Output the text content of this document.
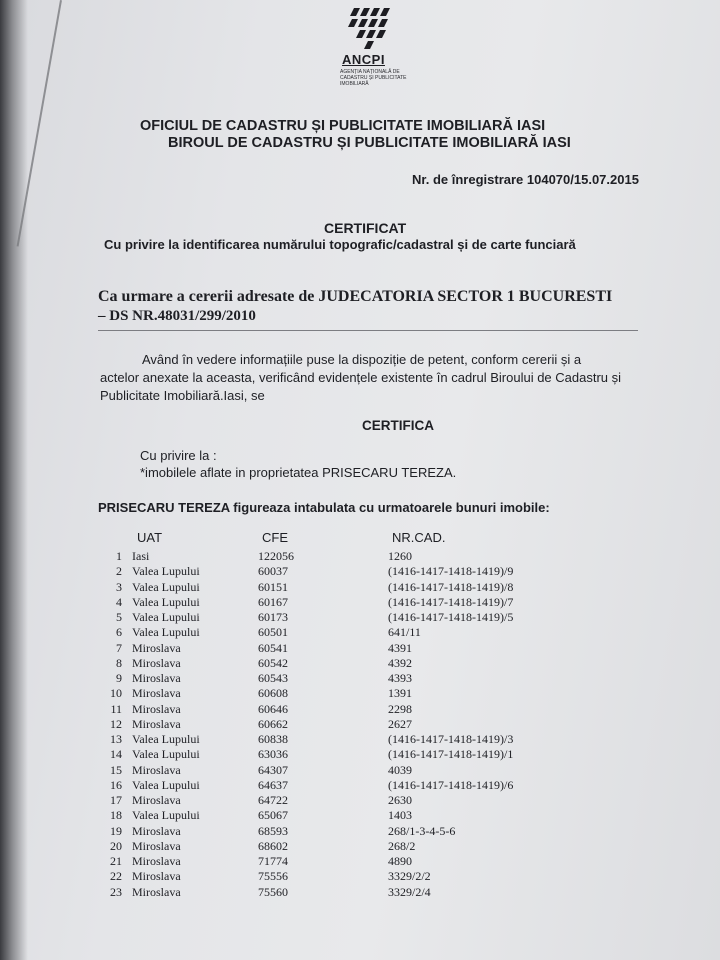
ANCPI
AGENȚIA NAȚIONALĂ DE CADASTRU ȘI PUBLICITATE IMOBILIARĂ
OFICIUL DE CADASTRU ȘI PUBLICITATE IMOBILIARĂ IASI
BIROUL DE CADASTRU ȘI PUBLICITATE IMOBILIARĂ IASI
Nr. de înregistrare 104070/15.07.2015
CERTIFICAT
Cu privire la identificarea numărului topografic/cadastral și de carte funciară
Ca urmare a cererii adresate de JUDECATORIA SECTOR 1 BUCURESTI
– DS NR.48031/299/2010
Avȃnd în vedere informațiile puse la dispoziție de petent, conform cererii și a
actelor anexate la aceasta, verificȃnd evidențele existente în cadrul Biroului de Cadastru și
Publicitate Imobiliară.Iasi, se
CERTIFICA
Cu privire la :
*imobilele aflate in proprietatea PRISECARU TEREZA.
PRISECARU TEREZA figureaza intabulata cu urmatoarele bunuri imobile:
UAT	CFE	NR.CAD.
1 Iasi	122056	1260
2 Valea Lupului	60037	(1416-1417-1418-1419)/9
3 Valea Lupului	60151	(1416-1417-1418-1419)/8
4 Valea Lupului	60167	(1416-1417-1418-1419)/7
5 Valea Lupului	60173	(1416-1417-1418-1419)/5
6 Valea Lupului	60501	641/11
7 Miroslava	60541	4391
8 Miroslava	60542	4392
9 Miroslava	60543	4393
10 Miroslava	60608	1391
11 Miroslava	60646	2298
12 Miroslava	60662	2627
13 Valea Lupului	60838	(1416-1417-1418-1419)/3
14 Valea Lupului	63036	(1416-1417-1418-1419)/1
15 Miroslava	64307	4039
16 Valea Lupului	64637	(1416-1417-1418-1419)/6
17 Miroslava	64722	2630
18 Valea Lupului	65067	1403
19 Miroslava	68593	268/1-3-4-5-6
20 Miroslava	68602	268/2
21 Miroslava	71774	4890
22 Miroslava	75556	3329/2/2
23 Miroslava	75560	3329/2/4
